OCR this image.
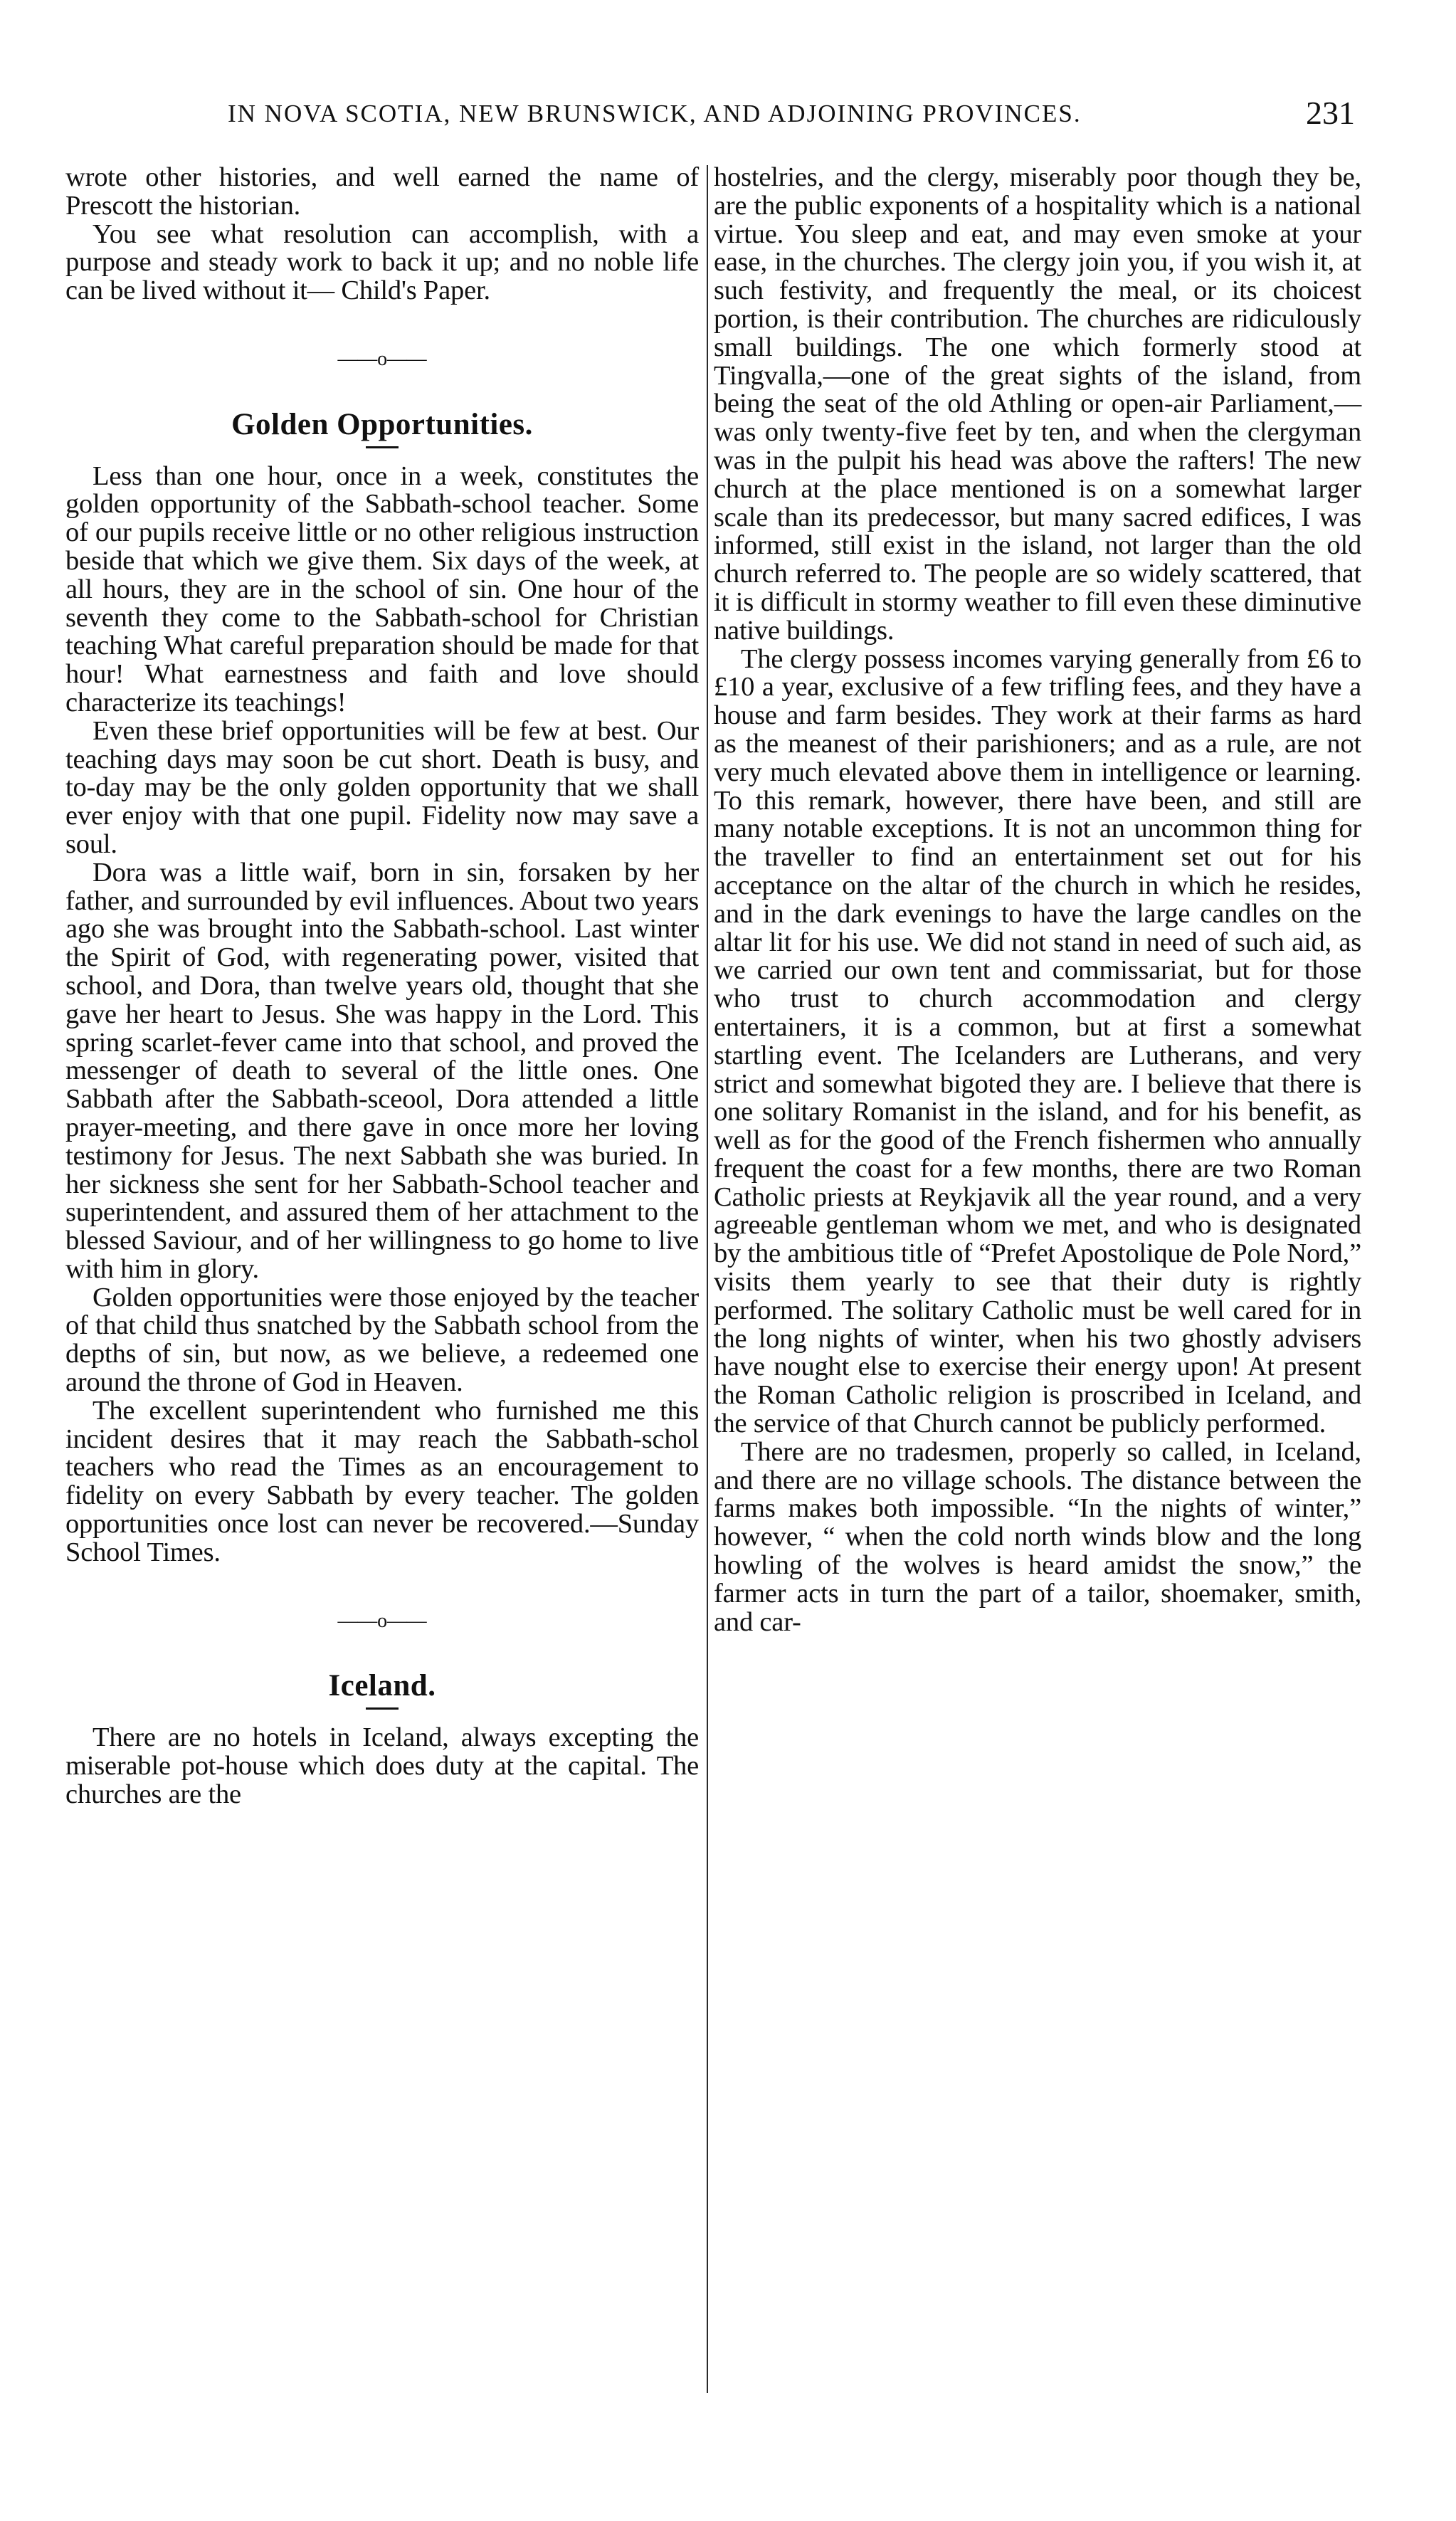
IN NOVA SCOTIA, NEW BRUNSWICK, AND ADJOINING PROVINCES.	231

wrote other histories, and well earned the name of Prescott the historian.

You see what resolution can accomplish, with a purpose and steady work to back it up; and no noble life can be lived without it— Child's Paper.

——o——
Golden Opportunities.

Less than one hour, once in a week, constitutes the golden opportunity of the Sabbath-school teacher. Some of our pupils receive little or no other religious instruction beside that which we give them. Six days of the week, at all hours, they are in the school of sin. One hour of the seventh they come to the Sabbath-school for Christian teaching What careful preparation should be made for that hour! What earnestness and faith and love should characterize its teachings!

Even these brief opportunities will be few at best. Our teaching days may soon be cut short. Death is busy, and to-day may be the only golden opportunity that we shall ever enjoy with that one pupil. Fidelity now may save a soul.

Dora was a little waif, born in sin, forsaken by her father, and surrounded by evil influences. About two years ago she was brought into the Sabbath-school. Last winter the Spirit of God, with regenerating power, visited that school, and Dora, than twelve years old, thought that she gave her heart to Jesus. She was happy in the Lord. This spring scarlet-fever came into that school, and proved the messenger of death to several of the little ones. One Sabbath after the Sabbath-sceool, Dora attended a little prayer-meeting, and there gave in once more her loving testimony for Jesus. The next Sabbath she was buried. In her sickness she sent for her Sabbath-School teacher and superintendent, and assured them of her attachment to the blessed Saviour, and of her willingness to go home to live with him in glory.

Golden opportunities were those enjoyed by the teacher of that child thus snatched by the Sabbath school from the depths of sin, but now, as we believe, a redeemed one around the throne of God in Heaven.

The excellent superintendent who furnished me this incident desires that it may reach the Sabbath-schol teachers who read the Times as an encouragement to fidelity on every Sabbath by every teacher. The golden opportunities once lost can never be recovered.—Sunday School Times.

——o——
Iceland.

There are no hotels in Iceland, always excepting the miserable pot-house which does duty at the capital. The churches are the

hostelries, and the clergy, miserably poor though they be, are the public exponents of a hospitality which is a national virtue. You sleep and eat, and may even smoke at your ease, in the churches. The clergy join you, if you wish it, at such festivity, and frequently the meal, or its choicest portion, is their contribution. The churches are ridiculously small buildings. The one which formerly stood at Tingvalla,—one of the great sights of the island, from being the seat of the old Athling or open-air Parliament,—was only twenty-five feet by ten, and when the clergyman was in the pulpit his head was above the rafters! The new church at the place mentioned is on a somewhat larger scale than its predecessor, but many sacred edifices, I was informed, still exist in the island, not larger than the old church referred to. The people are so widely scattered, that it is difficult in stormy weather to fill even these diminutive native buildings.

The clergy possess incomes varying generally from £6 to £10 a year, exclusive of a few trifling fees, and they have a house and farm besides. They work at their farms as hard as the meanest of their parishioners; and as a rule, are not very much elevated above them in intelligence or learning. To this remark, however, there have been, and still are many notable exceptions. It is not an uncommon thing for the traveller to find an entertainment set out for his acceptance on the altar of the church in which he resides, and in the dark evenings to have the large candles on the altar lit for his use. We did not stand in need of such aid, as we carried our own tent and commissariat, but for those who trust to church accommodation and clergy entertainers, it is a common, but at first a somewhat startling event. The Icelanders are Lutherans, and very strict and somewhat bigoted they are. I believe that there is one solitary Romanist in the island, and for his benefit, as well as for the good of the French fishermen who annually frequent the coast for a few months, there are two Roman Catholic priests at Reykjavik all the year round, and a very agreeable gentleman whom we met, and who is designated by the ambitious title of “Prefet Apostolique de Pole Nord,” visits them yearly to see that their duty is rightly performed. The solitary Catholic must be well cared for in the long nights of winter, when his two ghostly advisers have nought else to exercise their energy upon! At present the Roman Catholic religion is proscribed in Iceland, and the service of that Church cannot be publicly performed.

There are no tradesmen, properly so called, in Iceland, and there are no village schools. The distance between the farms makes both impossible. “In the nights of winter,” however, “ when the cold north winds blow and the long howling of the wolves is heard amidst the snow,” the farmer acts in turn the part of a tailor, shoemaker, smith, and car-
